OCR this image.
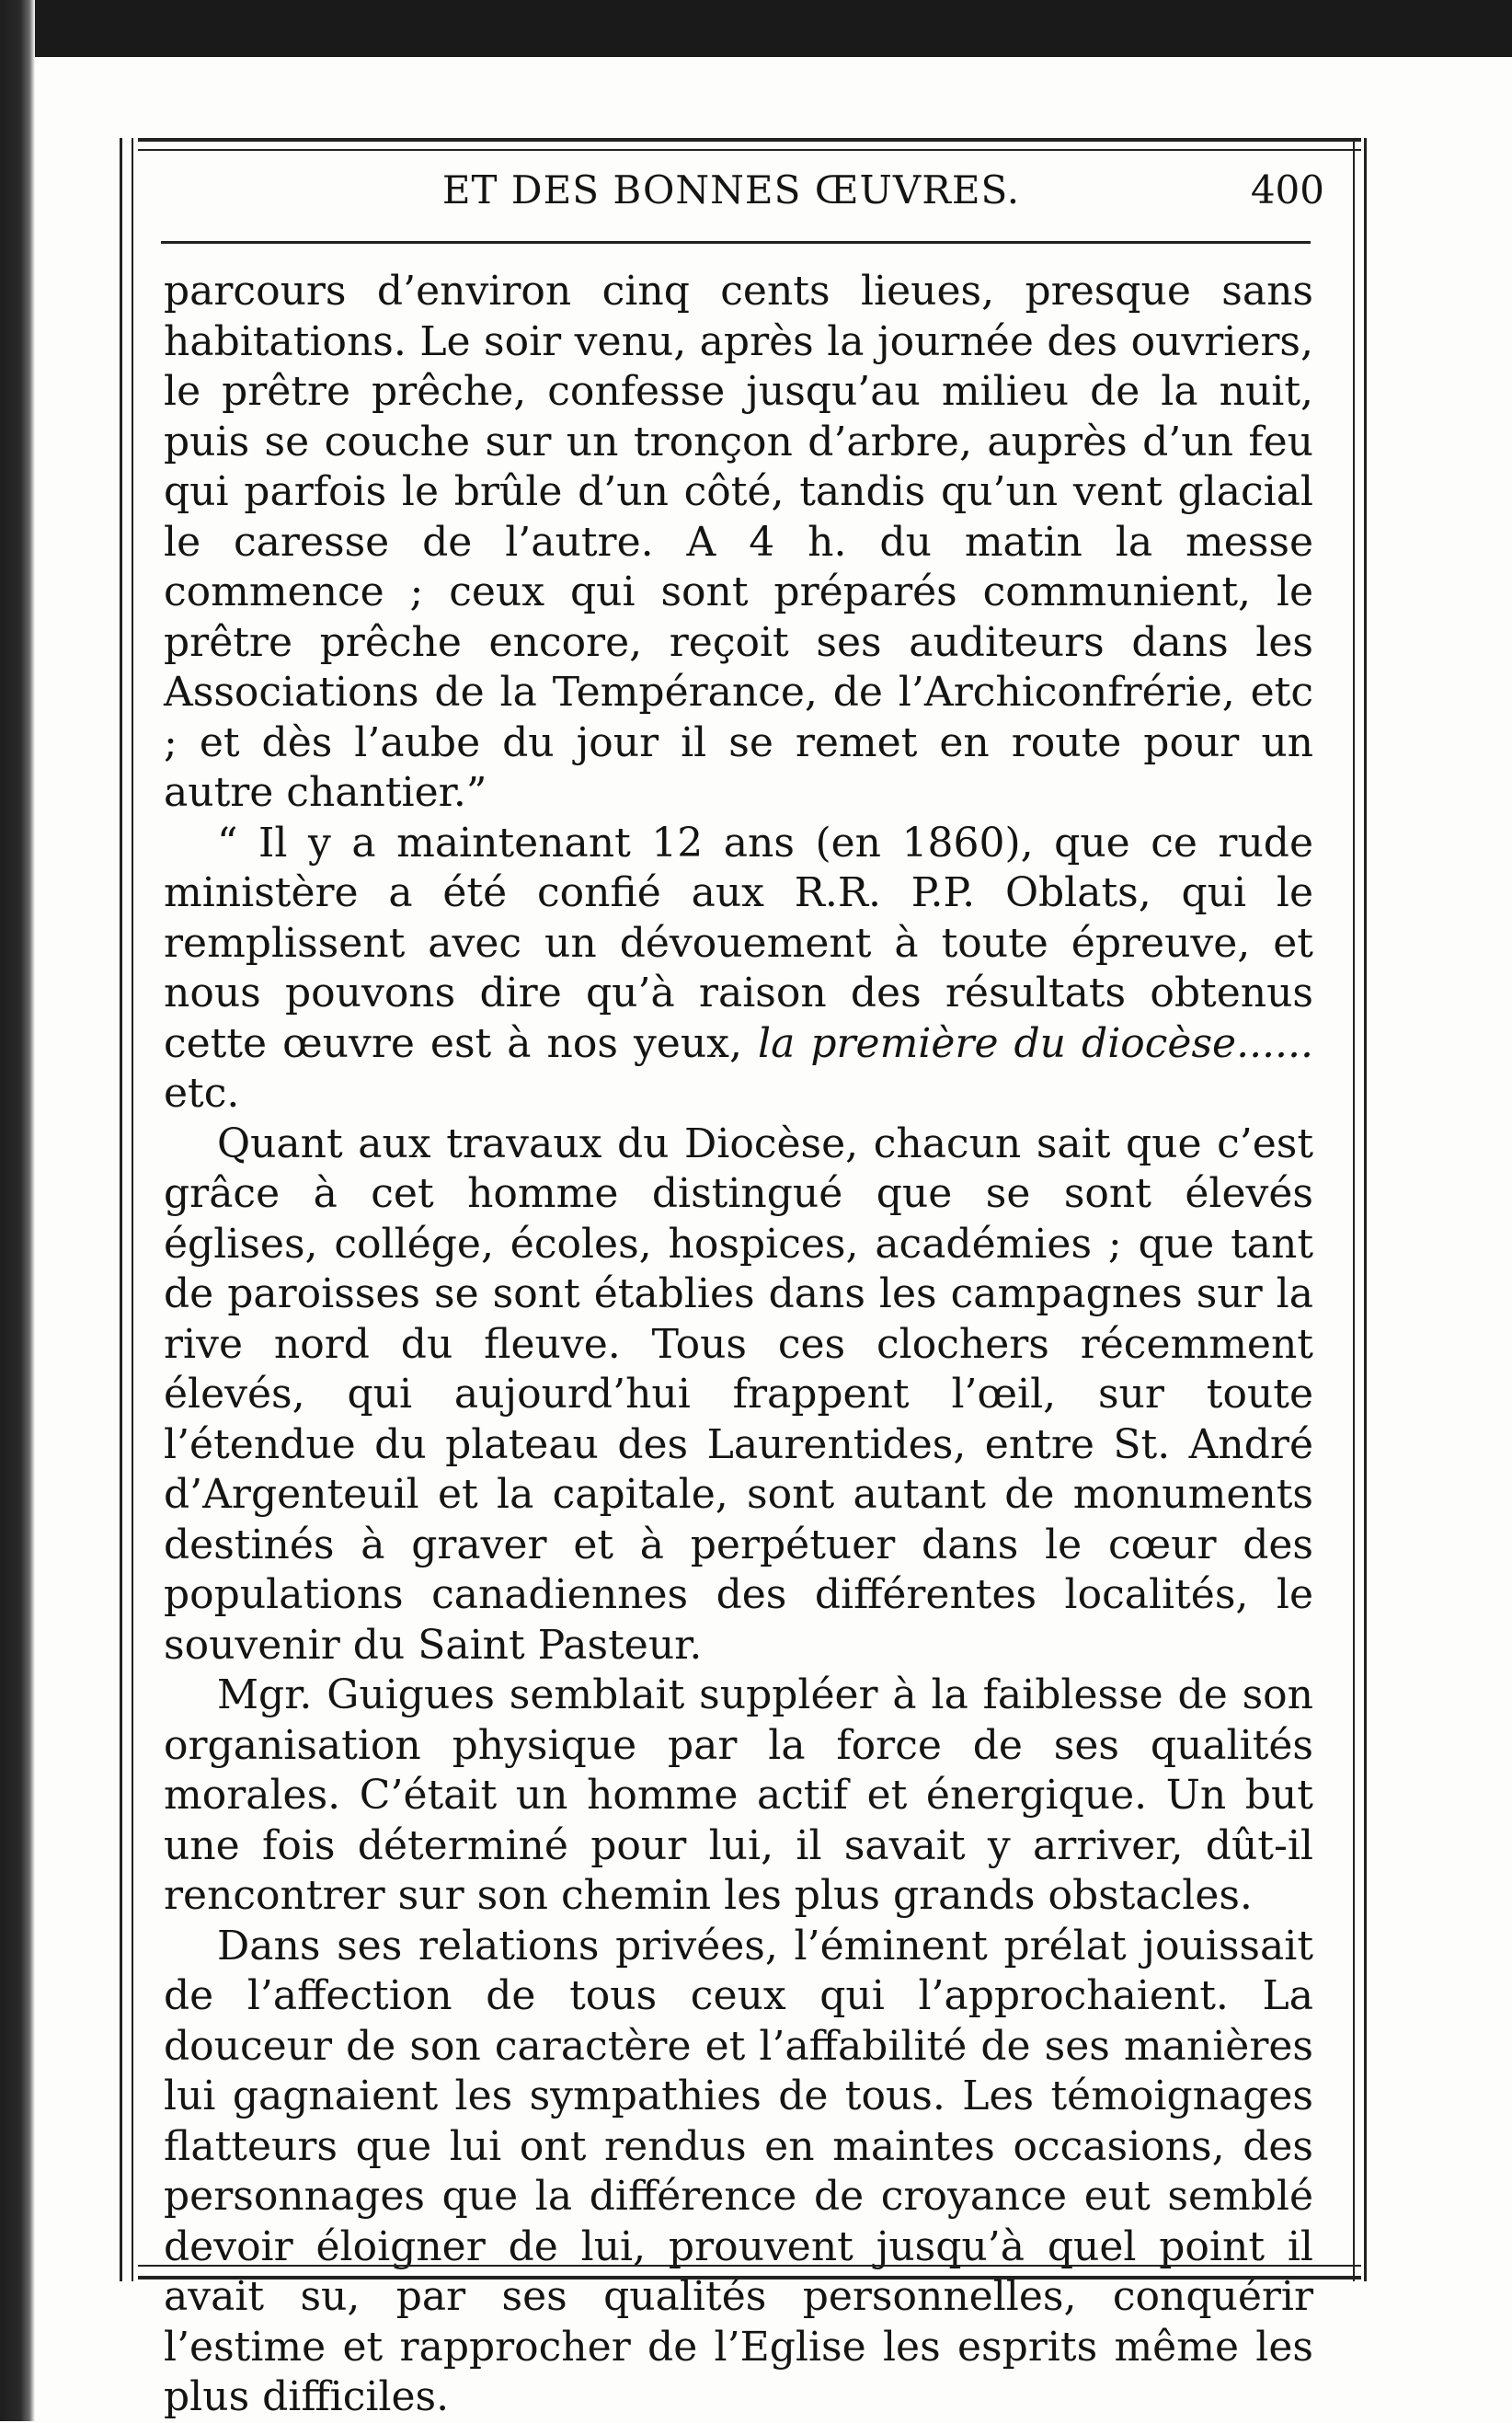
ET DES BONNES ŒUVRES.	400

parcours d’environ cinq cents lieues, presque sans habitations. Le soir venu, après la journée des ouvriers, le prêtre prêche, confesse jusqu’au milieu de la nuit, puis se couche sur un tronçon d’arbre, auprès d’un feu qui parfois le brûle d’un côté, tandis qu’un vent glacial le caresse de l’autre. A 4 h. du matin la messe commence ; ceux qui sont préparés communient, le prêtre prêche encore, reçoit ses auditeurs dans les Associations de la Tempérance, de l’Archiconfrérie, etc ; et dès l’aube du jour il se remet en route pour un autre chantier.”

“ Il y a maintenant 12 ans (en 1860), que ce rude ministère a été confié aux R.R. P.P. Oblats, qui le remplissent avec un dévouement à toute épreuve, et nous pouvons dire qu’à raison des résultats obtenus cette œuvre est à nos yeux, la première du diocèse...... etc.

Quant aux travaux du Diocèse, chacun sait que c’est grâce à cet homme distingué que se sont élevés églises, collége, écoles, hospices, académies ; que tant de paroisses se sont établies dans les campagnes sur la rive nord du fleuve. Tous ces clochers récemment élevés, qui aujourd’hui frappent l’œil, sur toute l’étendue du plateau des Laurentides, entre St. André d’Argenteuil et la capitale, sont autant de monuments destinés à graver et à perpétuer dans le cœur des populations canadiennes des différentes localités, le souvenir du Saint Pasteur.

Mgr. Guigues semblait suppléer à la faiblesse de son organisation physique par la force de ses qualités morales. C’était un homme actif et énergique. Un but une fois déterminé pour lui, il savait y arriver, dût-il rencontrer sur son chemin les plus grands obstacles.

Dans ses relations privées, l’éminent prélat jouissait de l’affection de tous ceux qui l’approchaient. La douceur de son caractère et l’affabilité de ses manières lui gagnaient les sympathies de tous. Les témoignages flatteurs que lui ont rendus en maintes occasions, des personnages que la différence de croyance eut semblé devoir éloigner de lui, prouvent jusqu’à quel point il avait su, par ses qualités personnelles, conquérir l’estime et rapprocher de l’Eglise les esprits même les plus difficiles.
